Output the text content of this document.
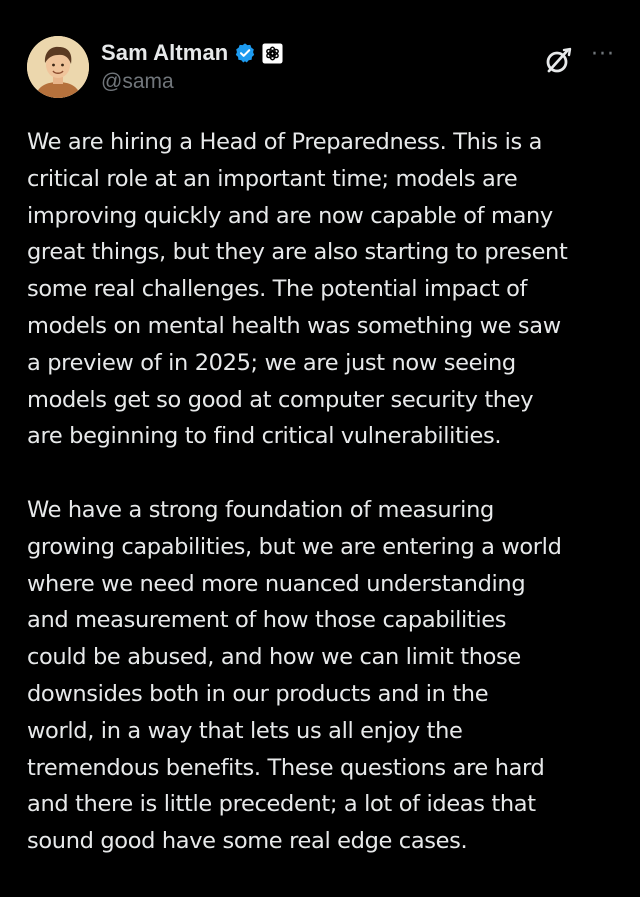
Sam Altman
@sama
···

We are hiring a Head of Preparedness. This is a
critical role at an important time; models are
improving quickly and are now capable of many
great things, but they are also starting to present
some real challenges. The potential impact of
models on mental health was something we saw
a preview of in 2025; we are just now seeing
models get so good at computer security they
are beginning to find critical vulnerabilities.

We have a strong foundation of measuring
growing capabilities, but we are entering a world
where we need more nuanced understanding
and measurement of how those capabilities
could be abused, and how we can limit those
downsides both in our products and in the
world, in a way that lets us all enjoy the
tremendous benefits. These questions are hard
and there is little precedent; a lot of ideas that
sound good have some real edge cases.
